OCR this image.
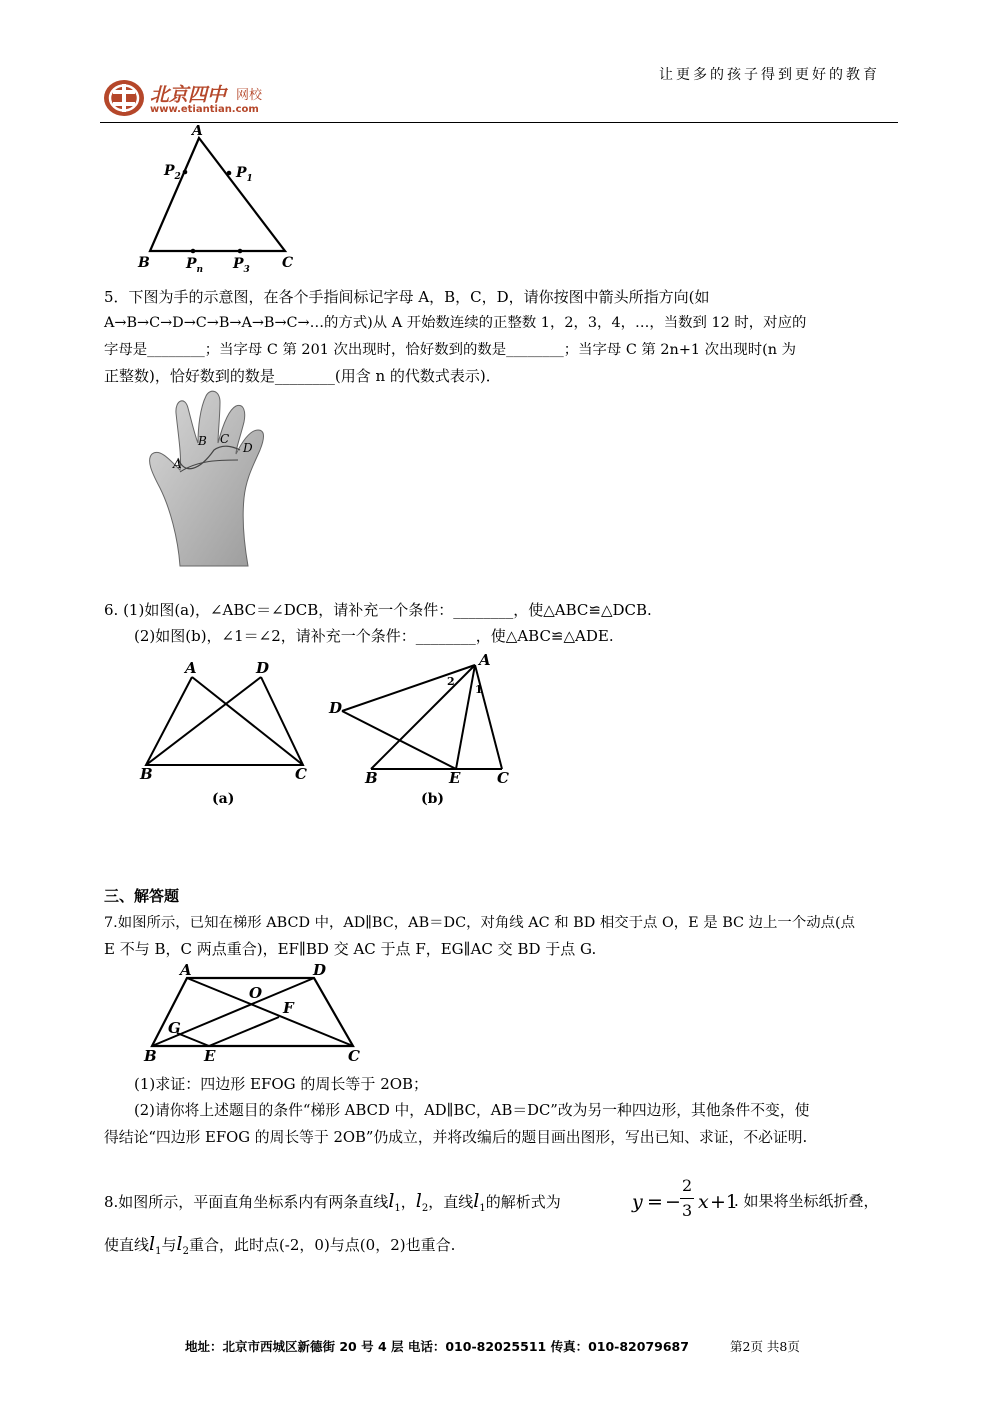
北京四中 网校
www.etiantian.com
让更多的孩子得到更好的教育
A
B	C
$P_2$	$P_1$
$P_n$ $P_3$
5．下图为手的示意图，在各个手指间标记字母 A，B，C，D，请你按图中箭头所指方向(如
A→B→C→D→C→B→A→B→C→…的方式)从 A 开始数连续的正整数 1，2，3，4，…，当数到 12 时，对应的
字母是________；当字母 C 第 201 次出现时，恰好数到的数是________；当字母 C 第 2n+1 次出现时(n 为
正整数)，恰好数到的数是________(用含 n 的代数式表示)．
A
B C
D
6. (1)如图(a)，∠ABC＝∠DCB，请补充一个条件：________，使△ABC≌△DCB.
(2)如图(b)，∠1＝∠2，请补充一个条件：________，使△ABC≌△ADE.
A	D
B	C
(a)
A
D
B	E C
2
1
(b)
三、解答题
7.如图所示，已知在梯形 ABCD 中，AD∥BC，AB＝DC，对角线 AC 和 BD 相交于点 O，E 是 BC 边上一个动点(点
E 不与 B，C 两点重合)，EF∥BD 交 AC 于点 F，EG∥AC 交 BD 于点 G.
A	D
O
F
G
B	E	C
(1)求证：四边形 EFOG 的周长等于 2OB；
(2)请你将上述题目的条件“梯形 ABCD 中，AD∥BC，AB＝DC”改为另一种四边形，其他条件不变，使
得结论“四边形 EFOG 的周长等于 2OB”仍成立，并将改编后的题目画出图形，写出已知、求证，不必证明.
8.如图所示，平面直角坐标系内有两条直线$l_1$，$l_2$，直线$l_1$的解析式为	y = −
2
3 x +1
. 如果将坐标纸折叠，
使直线$l_1$与$l_2$重合，此时点(-2，0)与点(0，2)也重合.
地址：北京市西城区新德街 20 号 4 层 电话：010-82025511 传真：010-82079687	第2页 共8页
